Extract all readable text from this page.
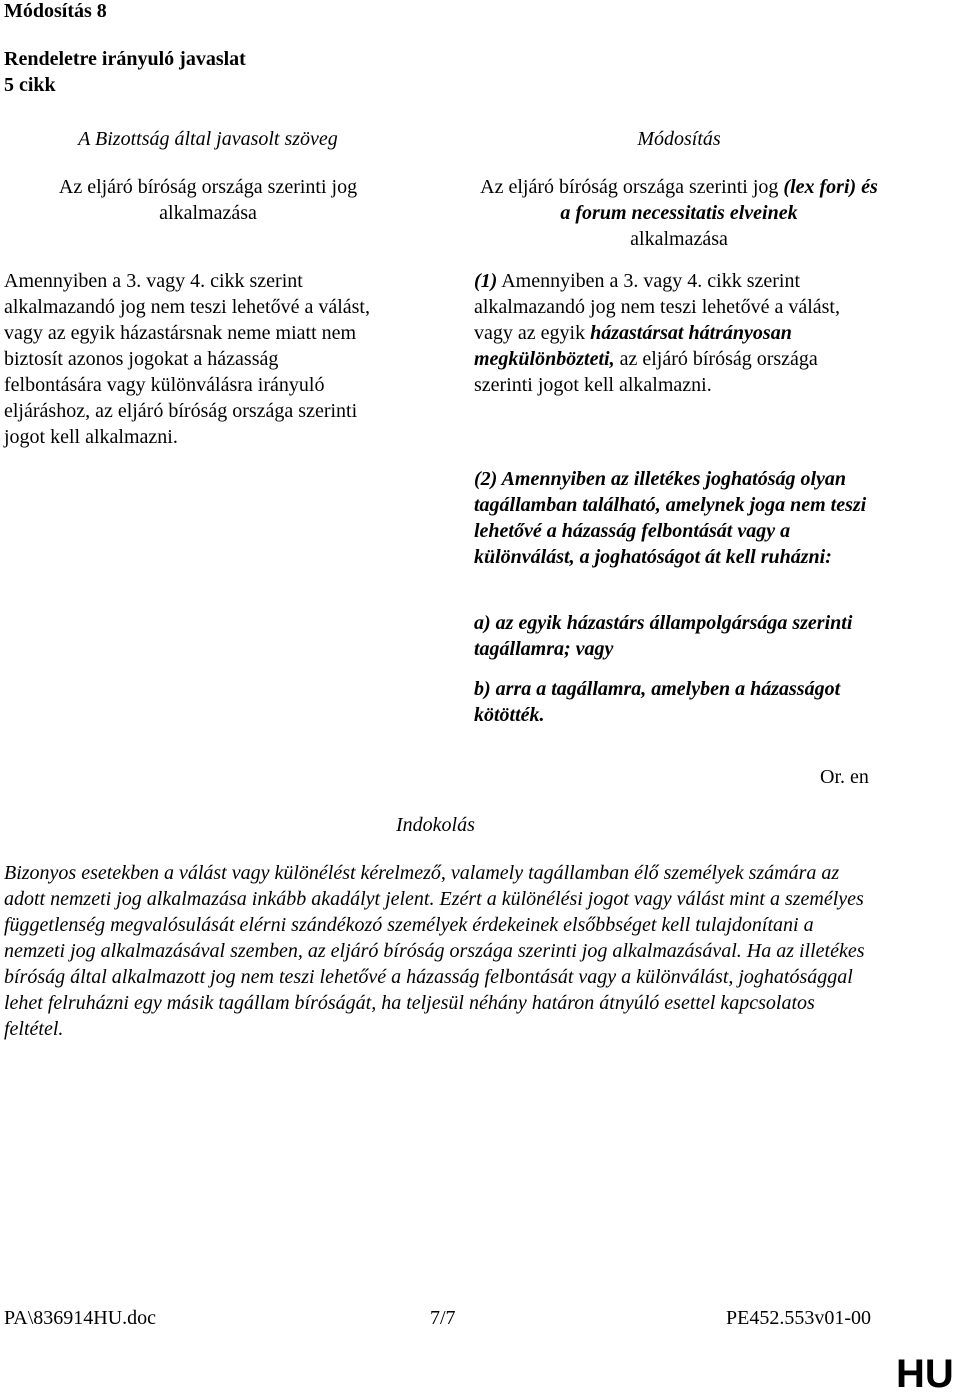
Módosítás 8
Rendeletre irányuló javaslat
5 cikk
A Bizottság által javasolt szöveg
Az eljáró bíróság országa szerinti jog
alkalmazása

Amennyiben a 3. vagy 4. cikk szerint alkalmazandó jog nem teszi lehetővé a válást, vagy az egyik házastársnak neme miatt nem biztosít azonos jogokat a házasság felbontására vagy különválásra irányuló eljáráshoz, az eljáró bíróság országa szerinti jogot kell alkalmazni.

Módosítás
Az eljáró bíróság országa szerinti jog (lex fori) és a forum necessitatis elveinek
alkalmazása

(1) Amennyiben a 3. vagy 4. cikk szerint alkalmazandó jog nem teszi lehetővé a válást, vagy az egyik házastársat hátrányosan megkülönbözteti, az eljáró bíróság országa szerinti jogot kell alkalmazni.

(2) Amennyiben az illetékes joghatóság olyan tagállamban található, amelynek joga nem teszi lehetővé a házasság felbontását vagy a különválást, a joghatóságot át kell ruházni:

a) az egyik házastárs állampolgársága szerinti tagállamra; vagy

b) arra a tagállamra, amelyben a házasságot kötötték.

Or. en
Indokolás

Bizonyos esetekben a válást vagy különélést kérelmező, valamely tagállamban élő személyek számára az adott nemzeti jog alkalmazása inkább akadályt jelent. Ezért a különélési jogot vagy válást mint a személyes függetlenség megvalósulását elérni szándékozó személyek érdekeinek elsőbbséget kell tulajdonítani a nemzeti jog alkalmazásával szemben, az eljáró bíróság országa szerinti jog alkalmazásával. Ha az illetékes bíróság által alkalmazott jog nem teszi lehetővé a házasság felbontását vagy a különválást, joghatósággal lehet felruházni egy másik tagállam bíróságát, ha teljesül néhány határon átnyúló esettel kapcsolatos feltétel.

PA\836914HU.doc	7/7	PE452.553v01-00
HU
